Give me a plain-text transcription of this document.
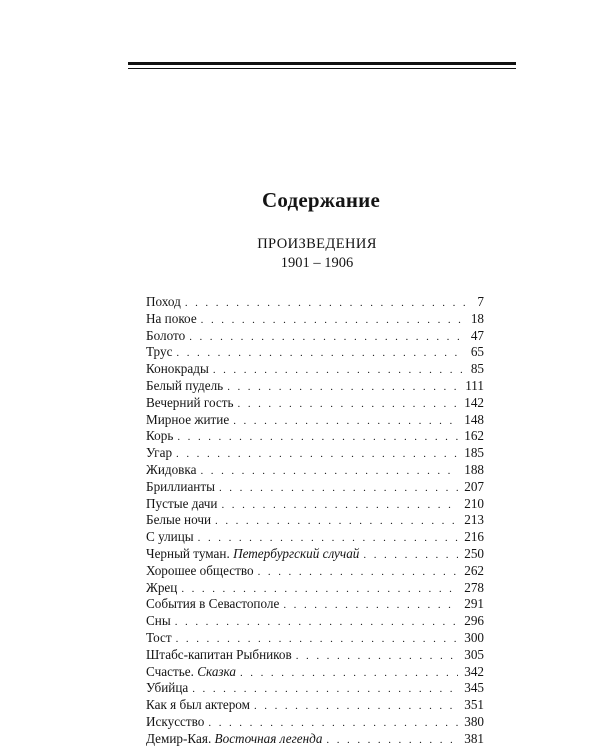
Содержание
ПРОИЗВЕДЕНИЯ
1901 – 1906
Поход . . .	7
На покое . . .	18
Болото . . .	47
Трус . . .	65
Конокрады . . .	85
Белый пудель . . .	111
Вечерний гость . . .	142
Мирное житие . . .	148
Корь . . .	162
Угар . . .	185
Жидовка . . .	188
Бриллианты . . .	207
Пустые дачи . . .	210
Белые ночи . . .	213
С улицы . . .	216
Черный туман. Петербургский случай . . .	250
Хорошее общество . . .	262
Жрец . . .	278
События в Севастополе . . .	291
Сны . . .	296
Тост . . .	300
Штабс-капитан Рыбников . . .	305
Счастье. Сказка . . .	342
Убийца . . .	345
Как я был актером . . .	351
Искусство . . .	380
Демир-Кая. Восточная легенда . . .	381
